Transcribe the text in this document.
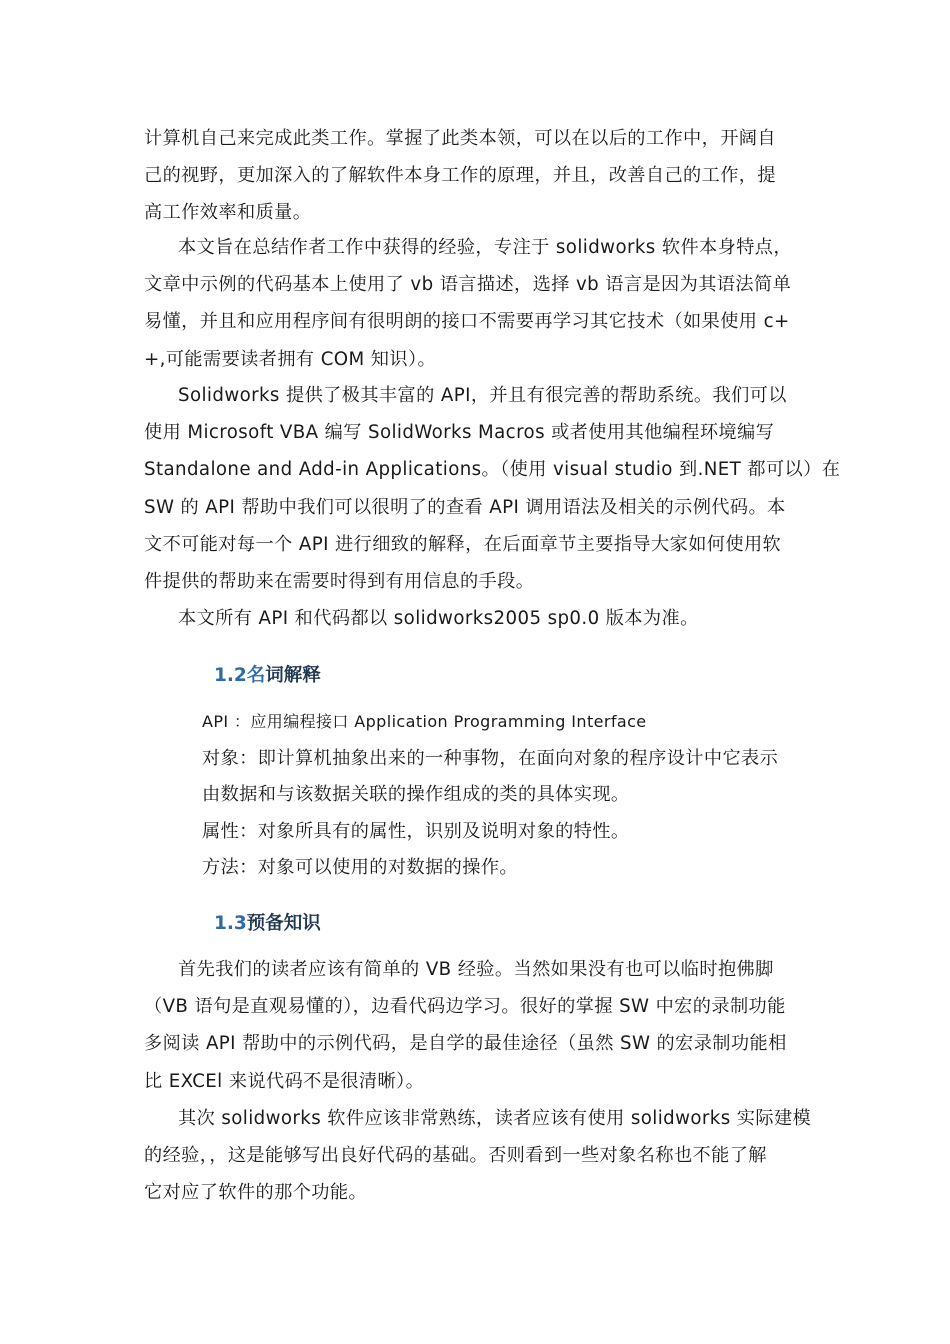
计算机自己来完成此类工作。掌握了此类本领，可以在以后的工作中，开阔自
己的视野，更加深入的了解软件本身工作的原理，并且，改善自己的工作，提
高工作效率和质量。
本文旨在总结作者工作中获得的经验，专注于 solidworks 软件本身特点，
文章中示例的代码基本上使用了 vb 语言描述，选择 vb 语言是因为其语法简单
易懂，并且和应用程序间有很明朗的接口不需要再学习其它技术（如果使用 c+
+,可能需要读者拥有 COM 知识）。
Solidworks 提供了极其丰富的 API，并且有很完善的帮助系统。我们可以
使用 Microsoft VBA 编写 SolidWorks Macros 或者使用其他编程环境编写
Standalone and Add-in Applications。（使用 visual studio 到.NET 都可以）在
SW 的 API 帮助中我们可以很明了的查看 API 调用语法及相关的示例代码。本
文不可能对每一个 API 进行细致的解释，在后面章节主要指导大家如何使用软
件提供的帮助来在需要时得到有用信息的手段。
本文所有 API 和代码都以 solidworks2005 sp0.0 版本为准。
1.2名词解释
API ：应用编程接口 Application Programming Interface
对象：即计算机抽象出来的一种事物，在面向对象的程序设计中它表示
由数据和与该数据关联的操作组成的类的具体实现。
属性：对象所具有的属性，识别及说明对象的特性。
方法：对象可以使用的对数据的操作。
1.3预备知识
首先我们的读者应该有简单的 VB 经验。当然如果没有也可以临时抱佛脚
（VB 语句是直观易懂的），边看代码边学习。很好的掌握 SW 中宏的录制功能
多阅读 API 帮助中的示例代码，是自学的最佳途径（虽然 SW 的宏录制功能相
比 EXCEl 来说代码不是很清晰）。
其次 solidworks 软件应该非常熟练，读者应该有使用 solidworks 实际建模
的经验，，这是能够写出良好代码的基础。否则看到一些对象名称也不能了解
它对应了软件的那个功能。
